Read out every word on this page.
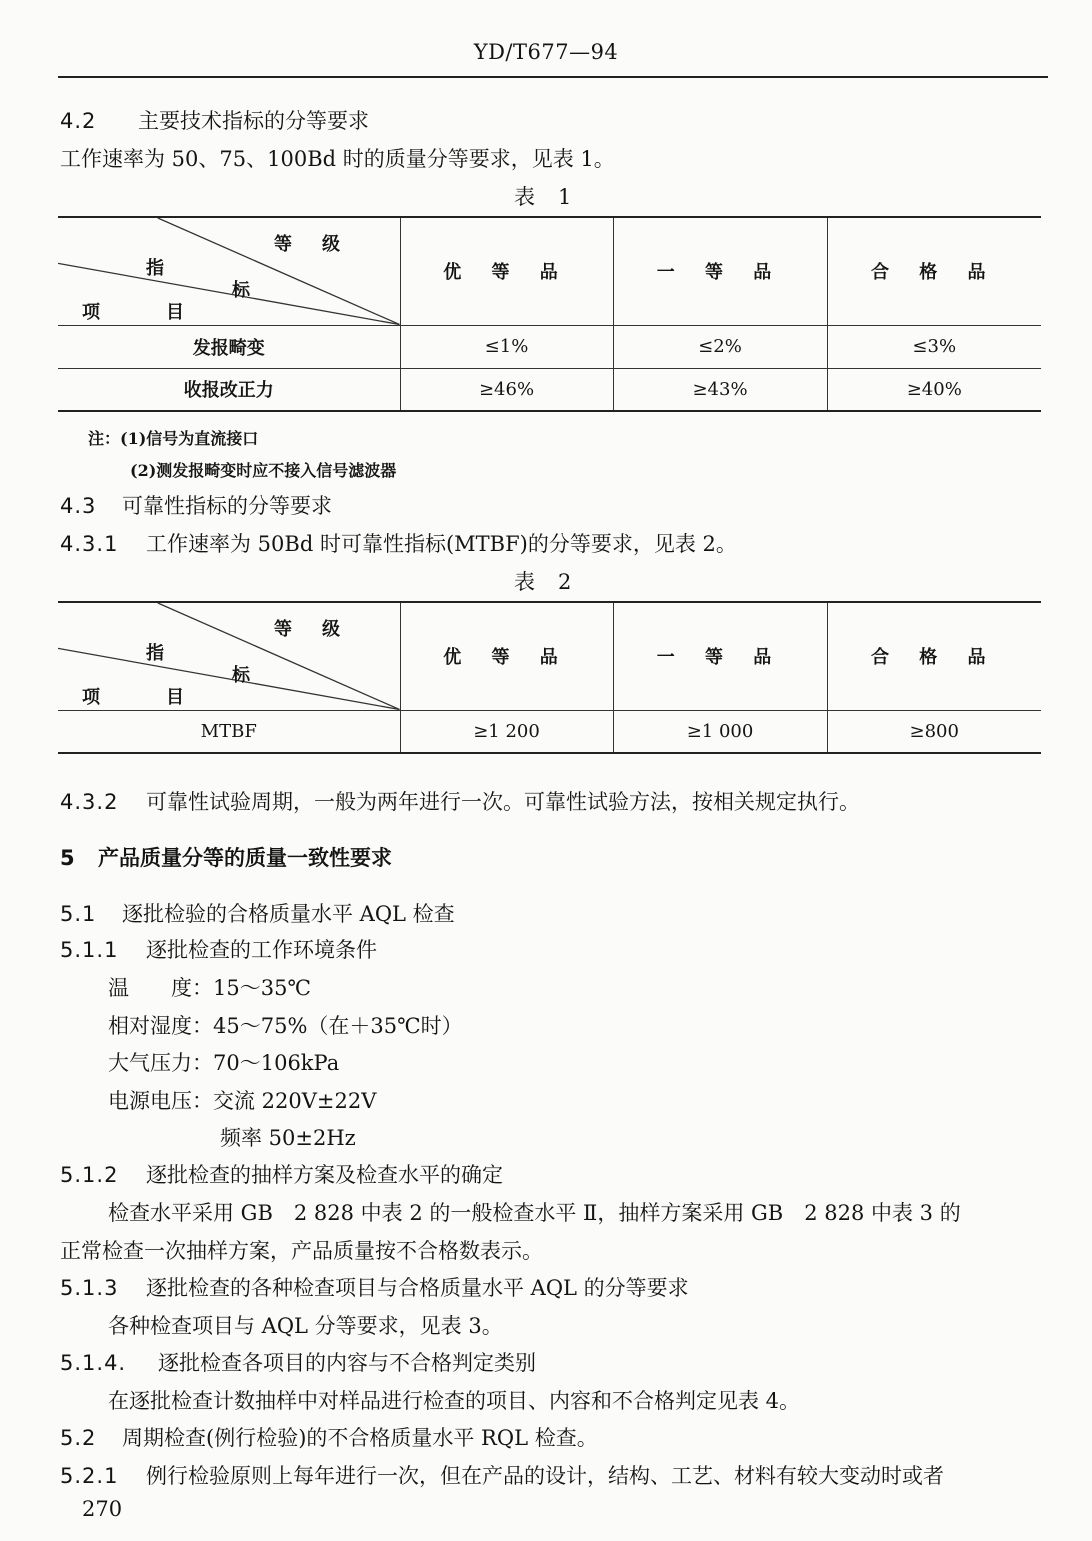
YD/T677—94
4.2 主要技术指标的分等要求
工作速率为 50、75、100Bd 时的质量分等要求，见表 1。
表　1
等　级
指
标
项 目	优 等 品	一 等 品	合 格 品
发报畸变	≤1%	≤2%	≤3%
收报改正力	≥46%	≥43%	≥40%
注：(1)信号为直流接口
(2)测发报畸变时应不接入信号滤波器
4.3 可靠性指标的分等要求
4.3.1 工作速率为 50Bd 时可靠性指标(MTBF)的分等要求，见表 2。
表　2
等　级
指
标
项 目	优 等 品	一 等 品	合 格 品
MTBF	≥1 200	≥1 000	≥800
4.3.2 可靠性试验周期，一般为两年进行一次。可靠性试验方法，按相关规定执行。
5 产品质量分等的质量一致性要求
5.1 逐批检验的合格质量水平 AQL 检查
5.1.1 逐批检查的工作环境条件
温　　度：15～35℃
相对湿度：45～75%（在＋35℃时）
大气压力：70～106kPa
电源电压：交流 220V±22V
频率 50±2Hz
5.1.2 逐批检查的抽样方案及检查水平的确定
检查水平采用 GB　2 828 中表 2 的一般检查水平 Ⅱ，抽样方案采用 GB　2 828 中表 3 的
正常检查一次抽样方案，产品质量按不合格数表示。
5.1.3 逐批检查的各种检查项目与合格质量水平 AQL 的分等要求
各种检查项目与 AQL 分等要求，见表 3。
5.1.4. 逐批检查各项目的内容与不合格判定类别
在逐批检查计数抽样中对样品进行检查的项目、内容和不合格判定见表 4。
5.2 周期检查(例行检验)的不合格质量水平 RQL 检查。
5.2.1 例行检验原则上每年进行一次，但在产品的设计，结构、工艺、材料有较大变动时或者
270
